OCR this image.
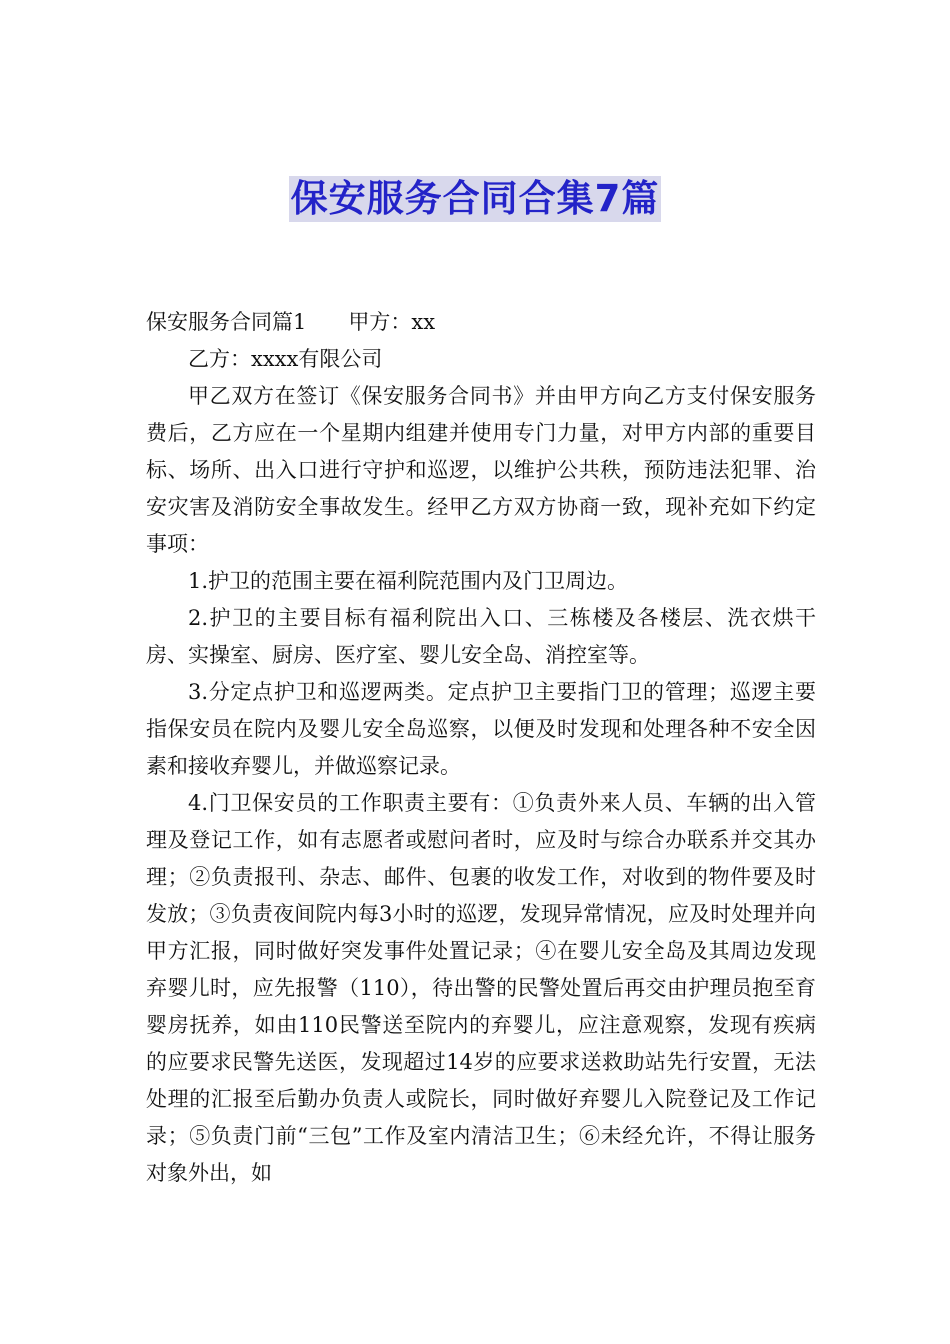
保安服务合同合集7篇

保安服务合同篇1 甲方：xx

乙方：xxxx有限公司

甲乙双方在签订《保安服务合同书》并由甲方向乙方支付保安服务费后，乙方应在一个星期内组建并使用专门力量，对甲方内部的重要目标、场所、出入口进行守护和巡逻，以维护公共秩，预防违法犯罪、治安灾害及消防安全事故发生。经甲乙方双方协商一致，现补充如下约定事项：

1.护卫的范围主要在福利院范围内及门卫周边。

2.护卫的主要目标有福利院出入口、三栋楼及各楼层、洗衣烘干房、实操室、厨房、医疗室、婴儿安全岛、消控室等。

3.分定点护卫和巡逻两类。定点护卫主要指门卫的管理；巡逻主要指保安员在院内及婴儿安全岛巡察，以便及时发现和处理各种不安全因素和接收弃婴儿，并做巡察记录。

4.门卫保安员的工作职责主要有：①负责外来人员、车辆的出入管理及登记工作，如有志愿者或慰问者时，应及时与综合办联系并交其办理；②负责报刊、杂志、邮件、包裹的收发工作，对收到的物件要及时发放；③负责夜间院内每3小时的巡逻，发现异常情况，应及时处理并向甲方汇报，同时做好突发事件处置记录；④在婴儿安全岛及其周边发现弃婴儿时，应先报警（110），待出警的民警处置后再交由护理员抱至育婴房抚养，如由110民警送至院内的弃婴儿，应注意观察，发现有疾病的应要求民警先送医，发现超过14岁的应要求送救助站先行安置，无法处理的汇报至后勤办负责人或院长，同时做好弃婴儿入院登记及工作记录；⑤负责门前“三包”工作及室内清洁卫生；⑥未经允许，不得让服务对象外出，如
